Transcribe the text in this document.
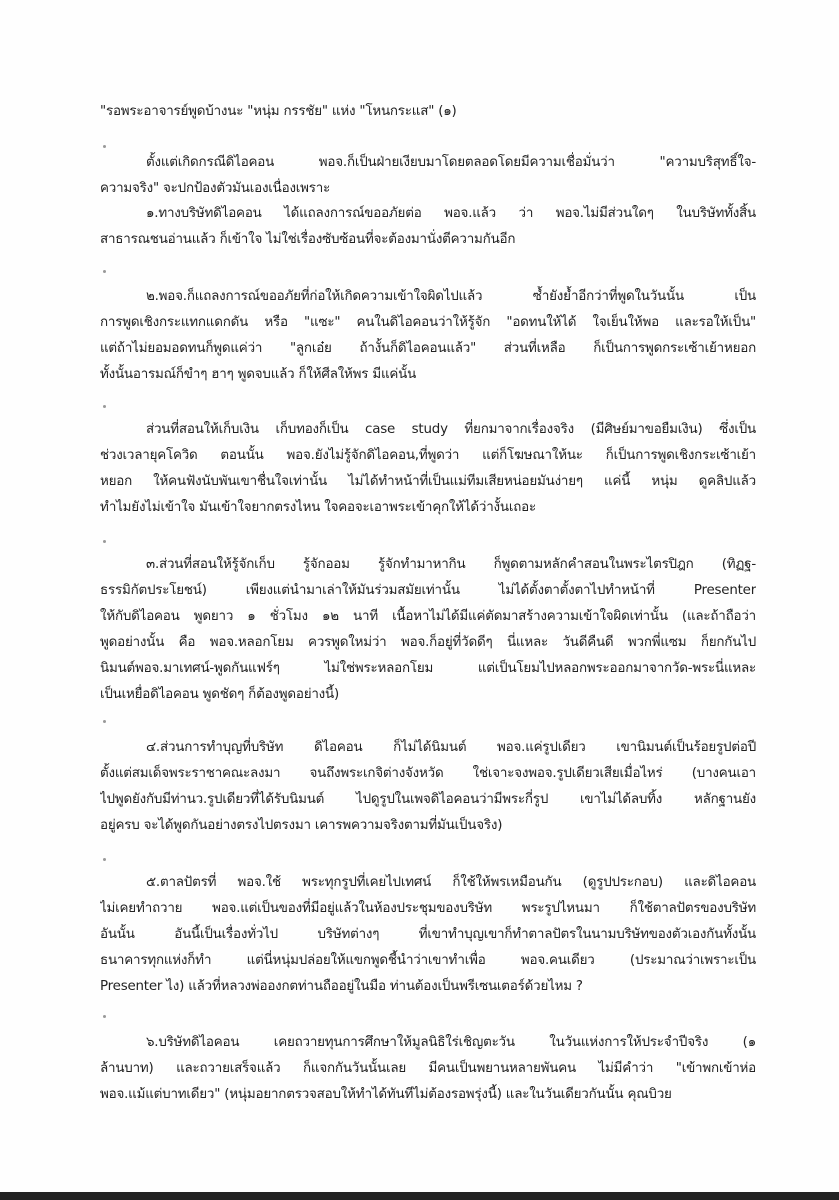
"รอพระอาจารย์พูดบ้างนะ "หนุ่ม กรรชัย" แห่ง "โหนกระแส" (๑)
ตั้งแต่เกิดกรณีดิไอคอน พอจ.ก็เป็นฝ่ายเงียบมาโดยตลอดโดยมีความเชื่อมั่นว่า "ความบริสุทธิ์ใจ-
ความจริง" จะปกป้องตัวมันเองเนื่องเพราะ
๑.ทางบริษัทดิไอคอน ได้แถลงการณ์ขออภัยต่อ พอจ.แล้ว ว่า พอจ.ไม่มีส่วนใดๆ ในบริษัททั้งสิ้น
สาธารณชนอ่านแล้ว ก็เข้าใจ ไม่ใช่เรื่องซับซ้อนที่จะต้องมานั่งตีความกันอีก
๒.พอจ.ก็แถลงการณ์ขออภัยที่ก่อให้เกิดความเข้าใจผิดไปแล้ว ซ้ำยังย้ำอีกว่าที่พูดในวันนั้น เป็น
การพูดเชิงกระแทกแดกดัน หรือ "แซะ" คนในดิไอคอนว่าให้รู้จัก "อดทนให้ได้ ใจเย็นให้พอ และรอให้เป็น"
แต่ถ้าไม่ยอมอดทนก็พูดแค่ว่า "ลูกเอ๋ย ถ้างั้นก็ดิไอคอนแล้ว" ส่วนที่เหลือ ก็เป็นการพูดกระเซ้าเย้าหยอก
ทั้งนั้นอารมณ์ก็ขำๆ ฮาๆ พูดจบแล้ว ก็ให้ศีลให้พร มีแค่นั้น
ส่วนที่สอนให้เก็บเงิน เก็บทองก็เป็น case study ที่ยกมาจากเรื่องจริง (มีศิษย์มาขอยืมเงิน) ซึ่งเป็น
ช่วงเวลายุคโควิด ตอนนั้น พอจ.ยังไม่รู้จักดิไอคอน,ที่พูดว่า แต่ก็โฆษณาให้นะ ก็เป็นการพูดเชิงกระเซ้าเย้า
หยอก ให้คนฟังนับพันเขาชื่นใจเท่านั้น ไม่ได้ทำหน้าที่เป็นแม่ทีมเสียหน่อยมันง่ายๆ แค่นี้ หนุ่ม ดูคลิปแล้ว
ทำไมยังไม่เข้าใจ มันเข้าใจยากตรงไหน ใจคอจะเอาพระเข้าคุกให้ได้ว่างั้นเถอะ
๓.ส่วนที่สอนให้รู้จักเก็บ รู้จักออม รู้จักทำมาหากิน ก็พูดตามหลักคำสอนในพระไตรปิฎก (ทิฏฐ-
ธรรมิกัตประโยชน์) เพียงแต่นำมาเล่าให้มันร่วมสมัยเท่านั้น ไม่ได้ตั้งตาตั้งตาไปทำหน้าที่ Presenter
ให้กับดิไอคอน พูดยาว ๑ ชั่วโมง ๑๒ นาที เนื้อหาไม่ได้มีแค่ตัดมาสร้างความเข้าใจผิดเท่านั้น (และถ้าถือว่า
พูดอย่างนั้น คือ พอจ.หลอกโยม ควรพูดใหม่ว่า พอจ.ก็อยู่ที่วัดดีๆ นี่แหละ วันดีคืนดี พวกพี่แซม ก็ยกกันไป
นิมนต์พอจ.มาเทศน์-พูดกันแฟร์ๆ ไม่ใช่พระหลอกโยม แต่เป็นโยมไปหลอกพระออกมาจากวัด-พระนี่แหละ
เป็นเหยื่อดิไอคอน พูดชัดๆ ก็ต้องพูดอย่างนี้)
๔.ส่วนการทำบุญที่บริษัท ดิไอคอน ก็ไม่ได้นิมนต์ พอจ.แค่รูปเดียว เขานิมนต์เป็นร้อยรูปต่อปี
ตั้งแต่สมเด็จพระราชาคณะลงมา จนถึงพระเกจิต่างจังหวัด ใช่เจาะจงพอจ.รูปเดียวเสียเมื่อไหร่ (บางคนเอา
ไปพูดยังกับมีท่านว.รูปเดียวที่ได้รับนิมนต์ ไปดูรูปในเพจดิไอคอนว่ามีพระกี่รูป เขาไม่ได้ลบทิ้ง หลักฐานยัง
อยู่ครบ จะได้พูดกันอย่างตรงไปตรงมา เคารพความจริงตามที่มันเป็นจริง)
๕.ตาลปัตรที่ พอจ.ใช้ พระทุกรูปที่เคยไปเทศน์ ก็ใช้ให้พรเหมือนกัน (ดูรูปประกอบ) และดิไอคอน
ไม่เคยทำถวาย พอจ.แต่เป็นของที่มีอยู่แล้วในห้องประชุมของบริษัท พระรูปไหนมา ก็ใช้ตาลปัตรของบริษัท
อันนั้น อันนี้เป็นเรื่องทั่วไป บริษัทต่างๆ ที่เขาทำบุญเขาก็ทำตาลปัตรในนามบริษัทของตัวเองกันทั้งนั้น
ธนาคารทุกแห่งก็ทำ แต่นี่หนุ่มปล่อยให้แขกพูดชี้นำว่าเขาทำเพื่อ พอจ.คนเดียว (ประมาณว่าเพราะเป็น
Presenter ไง) แล้วที่หลวงพ่อองกตท่านถืออยู่ในมือ ท่านต้องเป็นพรีเซนเตอร์ด้วยไหม ?
๖.บริษัทดิไอคอน เคยถวายทุนการศึกษาให้มูลนิธิใร่เชิญตะวัน ในวันแห่งการให้ประจำปีจริง (๑
ล้านบาท) และถวายเสร็จแล้ว ก็แจกกันวันนั้นเลย มีคนเป็นพยานหลายพันคน ไม่มีคำว่า "เข้าพกเข้าห่อ
พอจ.แม้แต่บาทเดียว" (หนุ่มอยากตรวจสอบให้ทำได้ทันทีไม่ต้องรอพรุ่งนี้) และในวันเดียวกันนั้น คุณบิวย
